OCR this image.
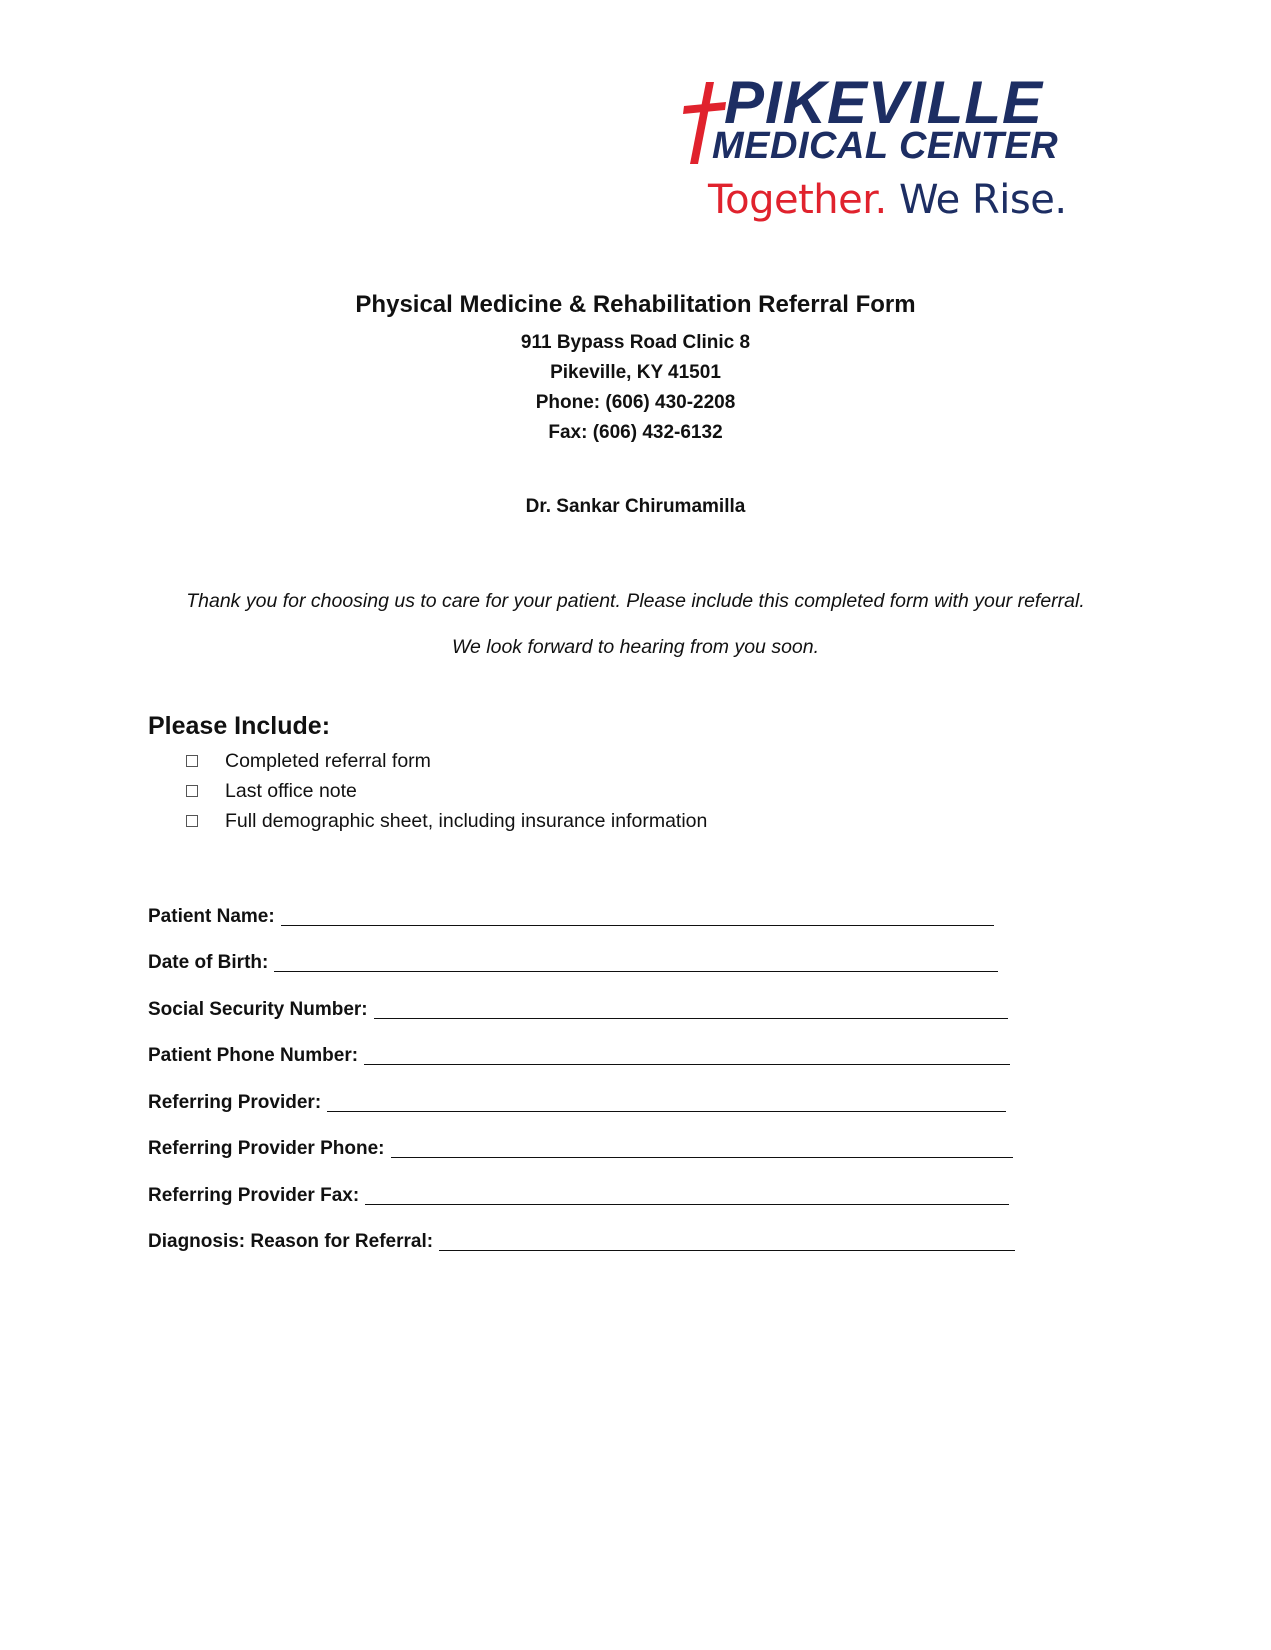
PIKEVILLE
MEDICAL CENTER
Together. We Rise.
Physical Medicine & Rehabilitation Referral Form
911 Bypass Road Clinic 8
Pikeville, KY 41501
Phone: (606) 430-2208
Fax: (606) 432-6132
Dr. Sankar Chirumamilla
Thank you for choosing us to care for your patient. Please include this completed form with your referral.
We look forward to hearing from you soon.
Please Include:
Completed referral form
Last office note
Full demographic sheet, including insurance information
Patient Name:
Date of Birth:
Social Security Number:
Patient Phone Number:
Referring Provider:
Referring Provider Phone:
Referring Provider Fax:
Diagnosis: Reason for Referral:
